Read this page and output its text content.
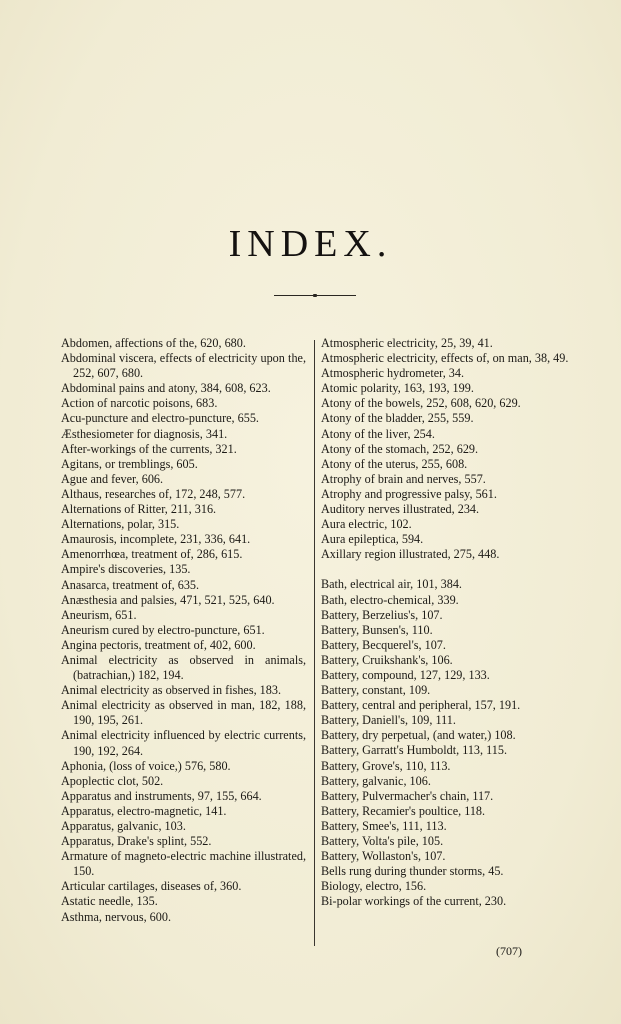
INDEX.
Abdomen, affections of the, 620, 680.
Abdominal viscera, effects of electricity upon the, 252, 607, 680.
Abdominal pains and atony, 384, 608, 623.
Action of narcotic poisons, 683.
Acu-puncture and electro-puncture, 655.
Æsthesiometer for diagnosis, 341.
After-workings of the currents, 321.
Agitans, or tremblings, 605.
Ague and fever, 606.
Althaus, researches of, 172, 248, 577.
Alternations of Ritter, 211, 316.
Alternations, polar, 315.
Amaurosis, incomplete, 231, 336, 641.
Amenorrhœa, treatment of, 286, 615.
Ampire's discoveries, 135.
Anasarca, treatment of, 635.
Anæsthesia and palsies, 471, 521, 525, 640.
Aneurism, 651.
Aneurism cured by electro-puncture, 651.
Angina pectoris, treatment of, 402, 600.
Animal electricity as observed in animals, (batrachian,) 182, 194.
Animal electricity as observed in fishes, 183.
Animal electricity as observed in man, 182, 188, 190, 195, 261.
Animal electricity influenced by electric currents, 190, 192, 264.
Aphonia, (loss of voice,) 576, 580.
Apoplectic clot, 502.
Apparatus and instruments, 97, 155, 664.
Apparatus, electro-magnetic, 141.
Apparatus, galvanic, 103.
Apparatus, Drake's splint, 552.
Armature of magneto-electric machine illustrated, 150.
Articular cartilages, diseases of, 360.
Astatic needle, 135.
Asthma, nervous, 600.
Atmospheric electricity, 25, 39, 41.
Atmospheric electricity, effects of, on man, 38, 49.
Atmospheric hydrometer, 34.
Atomic polarity, 163, 193, 199.
Atony of the bowels, 252, 608, 620, 629.
Atony of the bladder, 255, 559.
Atony of the liver, 254.
Atony of the stomach, 252, 629.
Atony of the uterus, 255, 608.
Atrophy of brain and nerves, 557.
Atrophy and progressive palsy, 561.
Auditory nerves illustrated, 234.
Aura electric, 102.
Aura epileptica, 594.
Axillary region illustrated, 275, 448.
Bath, electrical air, 101, 384.
Bath, electro-chemical, 339.
Battery, Berzelius's, 107.
Battery, Bunsen's, 110.
Battery, Becquerel's, 107.
Battery, Cruikshank's, 106.
Battery, compound, 127, 129, 133.
Battery, constant, 109.
Battery, central and peripheral, 157, 191.
Battery, Daniell's, 109, 111.
Battery, dry perpetual, (and water,) 108.
Battery, Garratt's Humboldt, 113, 115.
Battery, Grove's, 110, 113.
Battery, galvanic, 106.
Battery, Pulvermacher's chain, 117.
Battery, Recamier's poultice, 118.
Battery, Smee's, 111, 113.
Battery, Volta's pile, 105.
Battery, Wollaston's, 107.
Bells rung during thunder storms, 45.
Biology, electro, 156.
Bi-polar workings of the current, 230.
(707)
